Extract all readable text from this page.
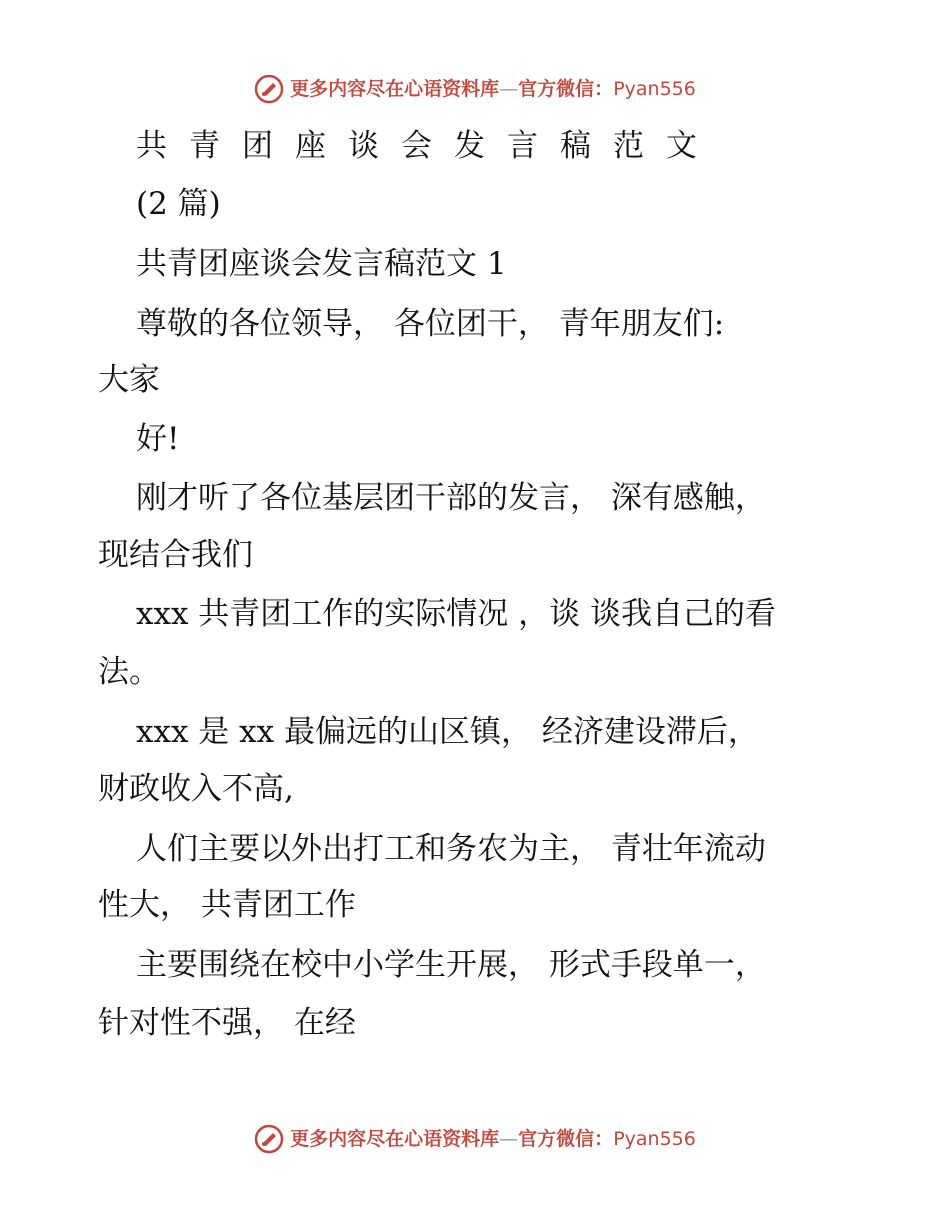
更多内容尽在心语资料库—官方微信：Pyan556
共青团座谈会发言稿范文
(2 篇)
共青团座谈会发言稿范文 1
尊敬的各位领导， 各位团干， 青年朋友们:
大家
好!
刚才听了各位基层团干部的发言， 深有感触，
现结合我们
xxx 共青团工作的实际情况 ，谈 谈我自己的看
法。
xxx 是 xx 最偏远的山区镇， 经济建设滞后，
财政收入不高,
人们主要以外出打工和务农为主， 青壮年流动
性大， 共青团工作
主要围绕在校中小学生开展， 形式手段单一，
针对性不强， 在经
更多内容尽在心语资料库—官方微信：Pyan556
